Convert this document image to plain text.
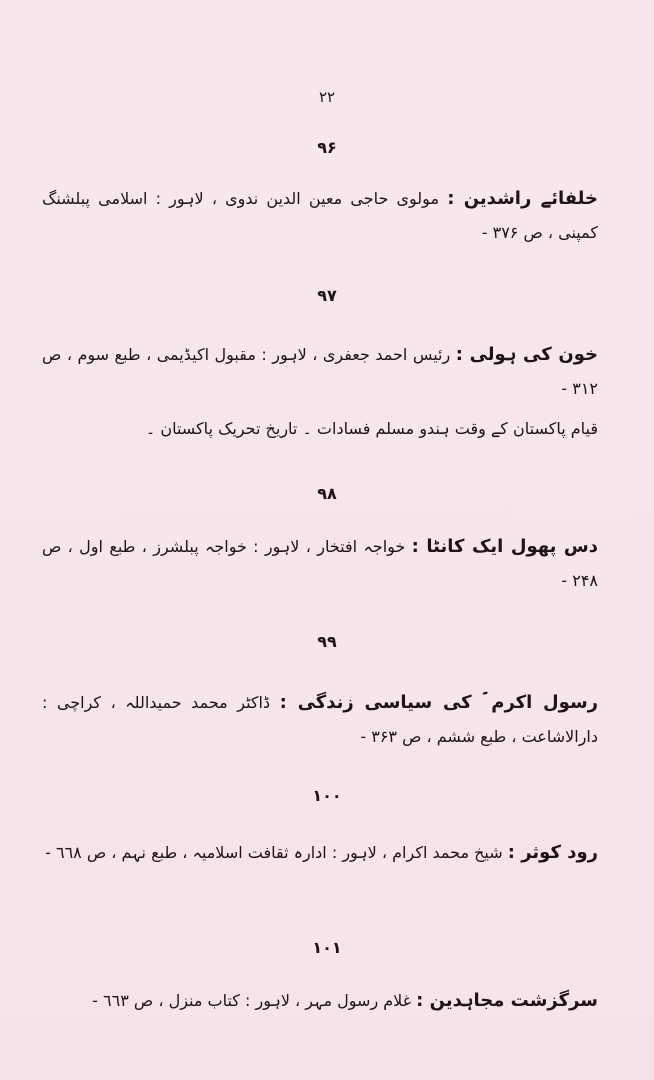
۲۲
۹۶
خلفائے راشدین : مولوی حاجی معین الدین ندوی ، لاہور : اسلامی پبلشنگ کمپنی ، ص ۳۷۶ -
۹۷
خون کی ہولی : رئیس احمد جعفری ، لاہور : مقبول اکیڈیمی ، طبع سوم ، ص ۳۱۲ -
قیام پاکستان کے وقت ہندو مسلم فسادات ۔ تاریخ تحریک پاکستان ۔
۹۸
دس پھول ایک کانٹا : خواجہ افتخار ، لاہور : خواجہ پبلشرز ، طبع اول ، ص ۲۴۸ -
۹۹
رسول اکرم ؐ کی سیاسی زندگی : ڈاکٹر محمد حمیداللہ ، کراچی : دارالاشاعت ، طبع ششم ، ص ۳۶۳ -
۱۰۰
رود کوثر : شیخ محمد اکرام ، لاہور : ادارہ ثقافت اسلامیہ ، طبع نہم ، ص ٦٦٨ -
۱۰۱
سرگزشت مجاہدین : غلام رسول مہر ، لاہور : کتاب منزل ، ص ٦٦٣ -
